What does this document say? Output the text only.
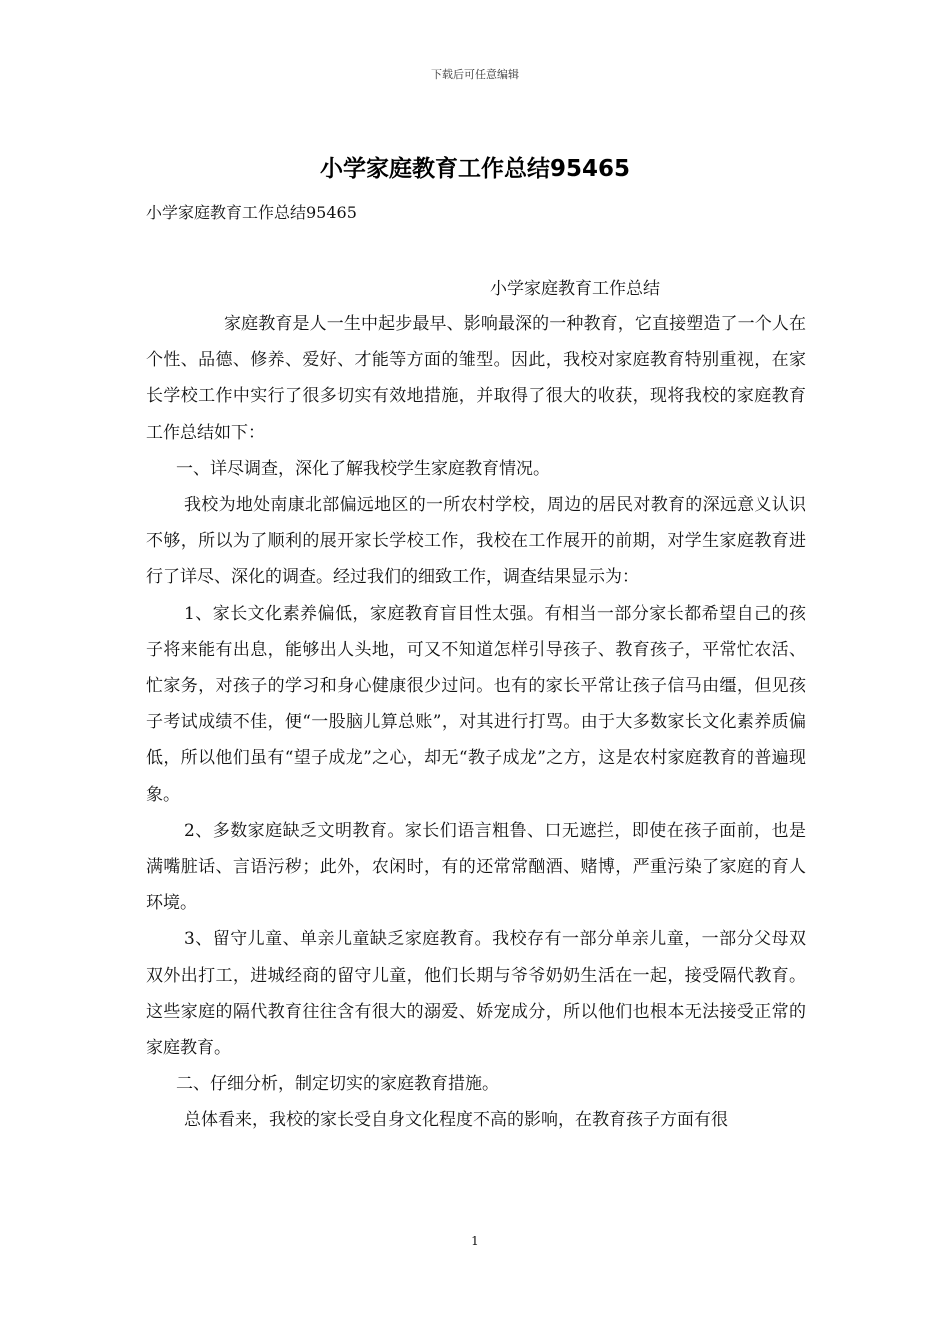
下载后可任意编辑
小学家庭教育工作总结95465
小学家庭教育工作总结95465
小学家庭教育工作总结

家庭教育是人一生中起步最早、影响最深的一种教育，它直接塑造了一个人在个性、品德、修养、爱好、才能等方面的雏型。因此，我校对家庭教育特别重视，在家长学校工作中实行了很多切实有效地措施，并取得了很大的收获，现将我校的家庭教育　工作总结如下：

一、详尽调查，深化了解我校学生家庭教育情况。

我校为地处南康北部偏远地区的一所农村学校，周边的居民对教育的深远意义认识不够，所以为了顺利的展开家长学校工作，我校在工作展开的前期，对学生家庭教育进行了详尽、深化的调查。经过我们的细致工作，调查结果显示为：

1、家长文化素养偏低，家庭教育盲目性太强。有相当一部分家长都希望自己的孩子将来能有出息，能够出人头地，可又不知道怎样引导孩子、教育孩子，平常忙农活、忙家务，对孩子的学习和身心健康很少过问。也有的家长平常让孩子信马由缰，但见孩子考试成绩不佳，便“一股脑儿算总账”，对其进行打骂。由于大多数家长文化素养质偏低，所以他们虽有“望子成龙”之心，却无“教子成龙”之方，这是农村家庭教育的普遍现象。

2、多数家庭缺乏文明教育。家长们语言粗鲁、口无遮拦，即使在孩子面前，也是满嘴脏话、言语污秽；此外，农闲时，有的还常常酗酒、赌博，严重污染了家庭的育人环境。

3、留守儿童、单亲儿童缺乏家庭教育。我校存有一部分单亲儿童，一部分父母双双外出打工，进城经商的留守儿童，他们长期与爷爷奶奶生活在一起，接受隔代教育。这些家庭的隔代教育往往含有很大的溺爱、娇宠成分，所以他们也根本无法接受正常的家庭教育。

二、仔细分析，制定切实的家庭教育措施。

总体看来，我校的家长受自身文化程度不高的影响，在教育孩子方面有很

1
